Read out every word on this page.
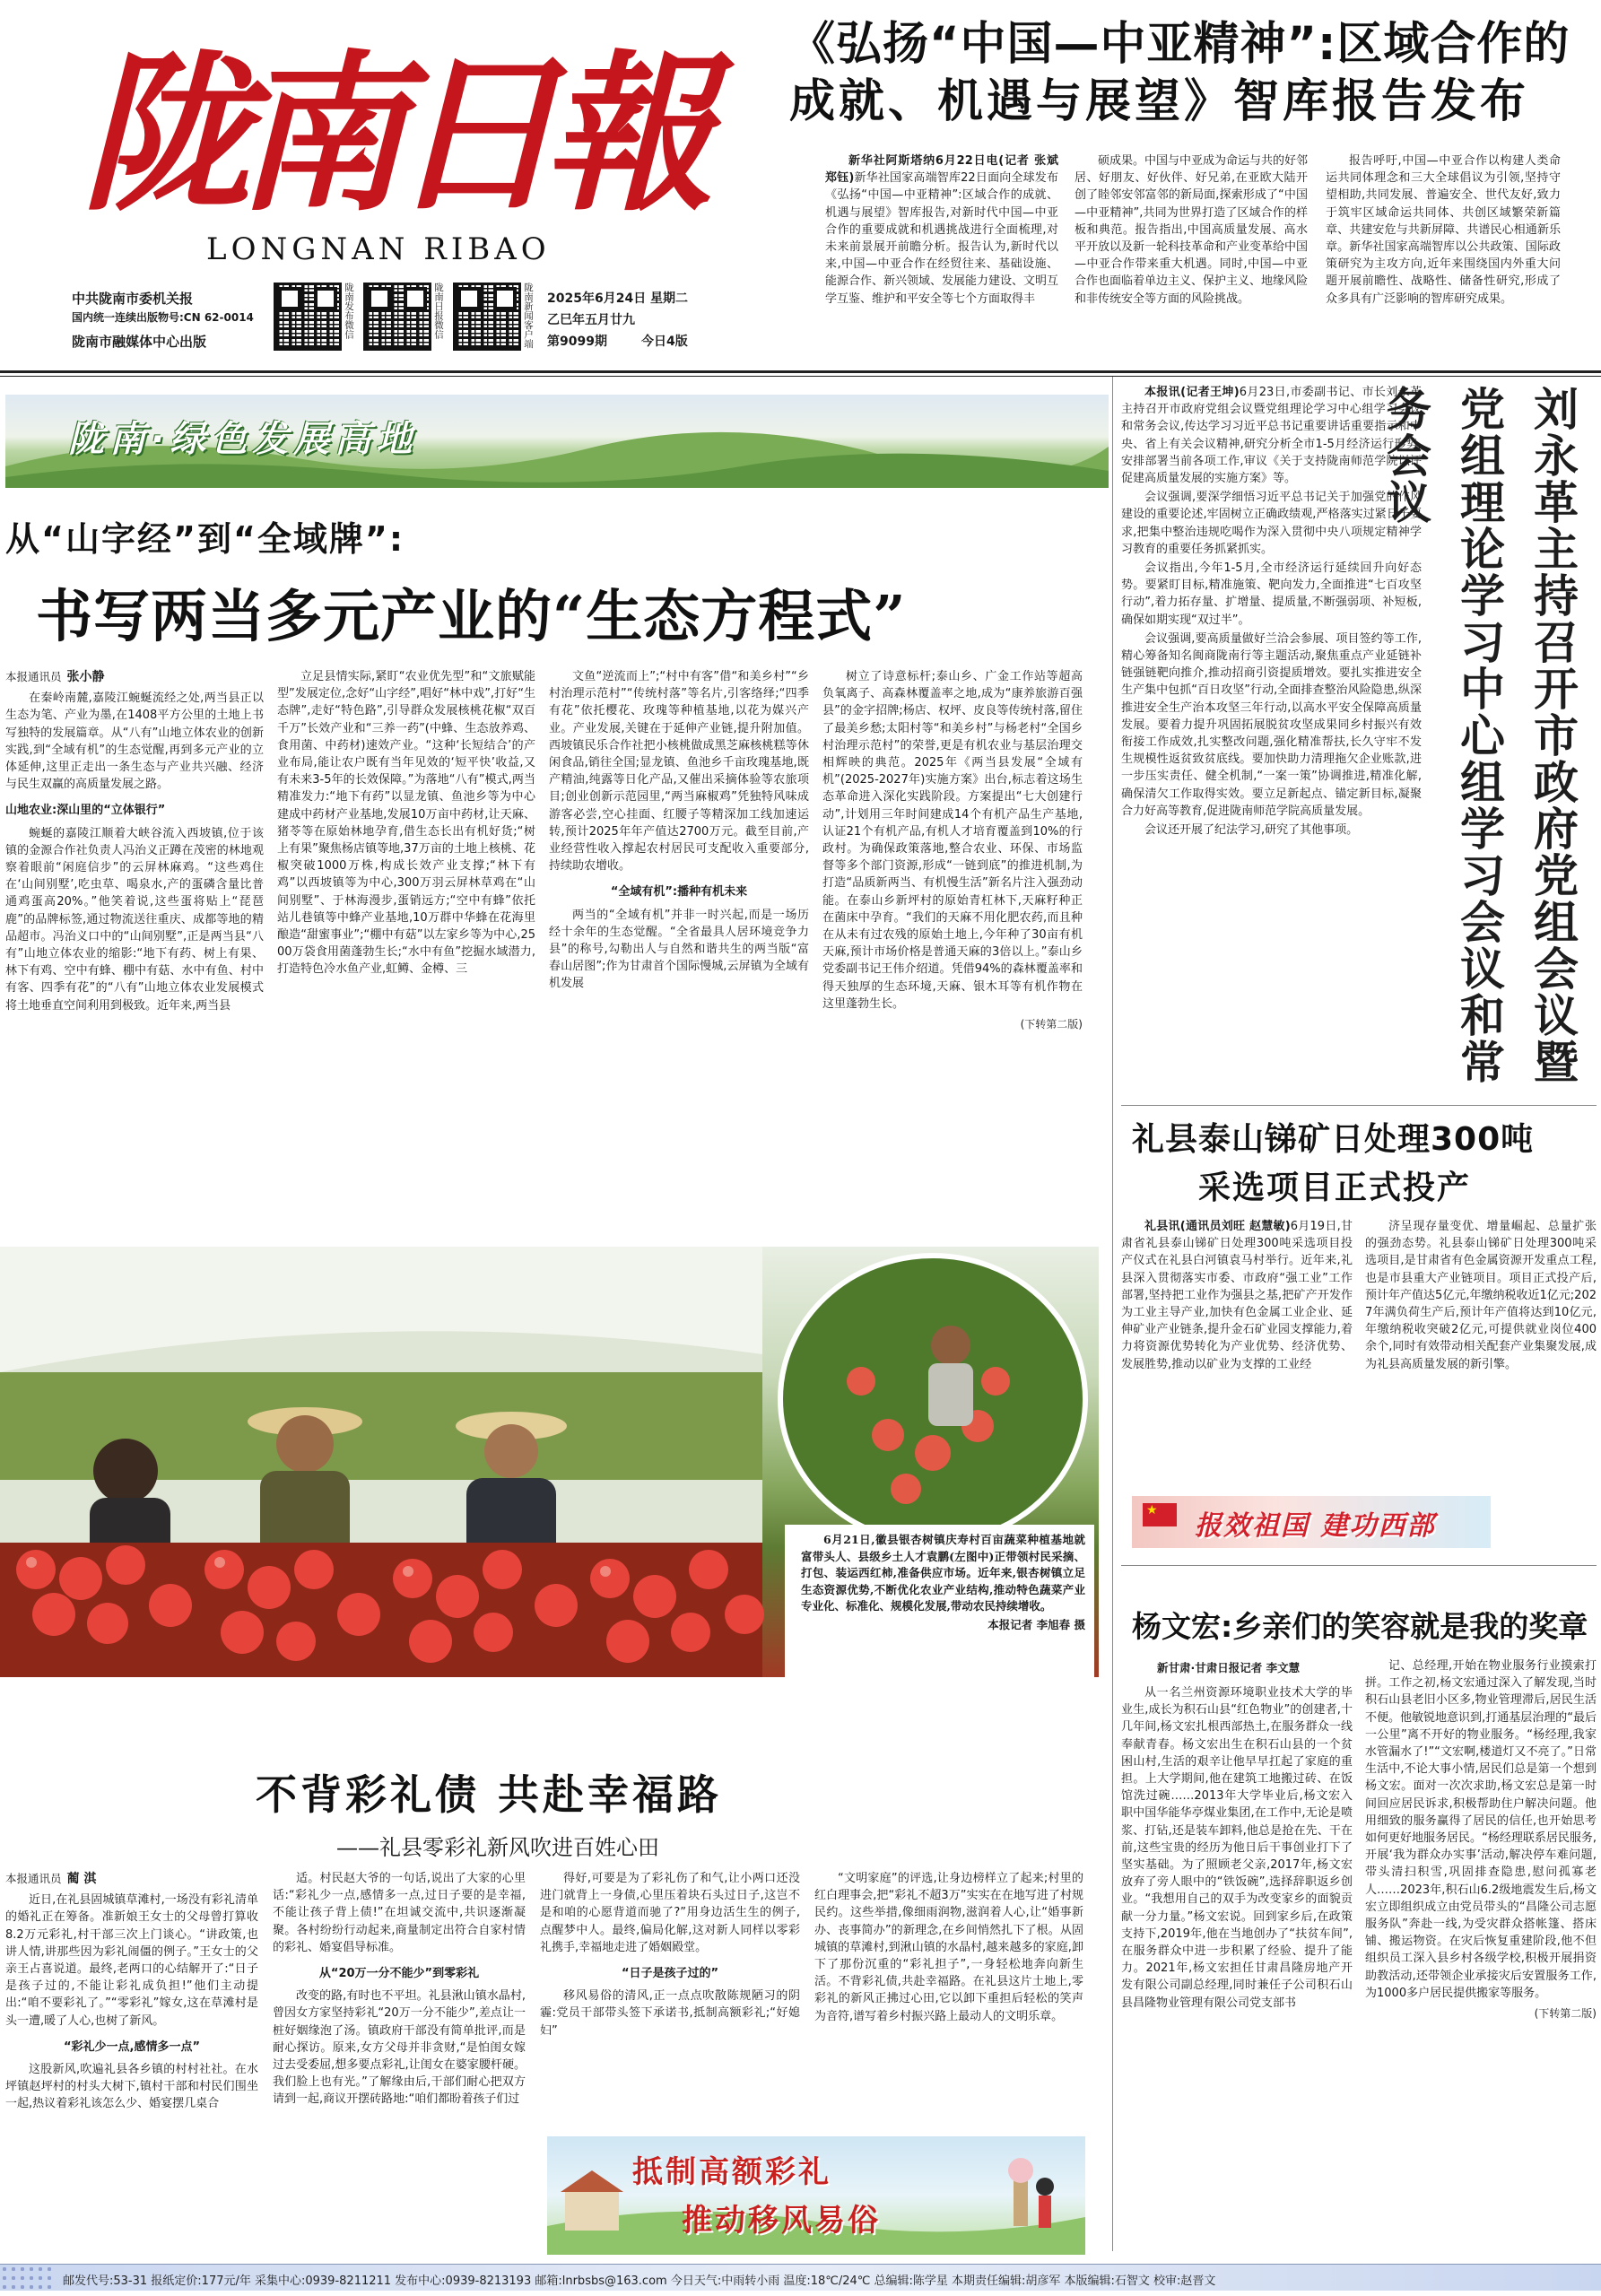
陇南日報
LONGNAN RIBAO
中共陇南市委机关报
国内统一连续出版物号:CN 62-0014
陇南市融媒体中心出版
陇南发布微信	陇南日报微信	陇南新闻客户端 2025年6月24日 星期二
乙巳年五月廿九
第9099期	今日4版
《弘扬“中国—中亚精神”:区域合作的
成就、机遇与展望》智库报告发布

新华社阿斯塔纳6月22日电(记者 张斌 郑钰)新华社国家高端智库22日面向全球发布《弘扬“中国—中亚精神”:区域合作的成就、机遇与展望》智库报告,对新时代中国—中亚合作的重要成就和机遇挑战进行全面梳理,对未来前景展开前瞻分析。报告认为,新时代以来,中国—中亚合作在经贸往来、基础设施、能源合作、新兴领域、发展能力建设、文明互学互鉴、维护和平安全等七个方面取得丰

硕成果。中国与中亚成为命运与共的好邻居、好朋友、好伙伴、好兄弟,在亚欧大陆开创了睦邻安邻富邻的新局面,探索形成了“中国—中亚精神”,共同为世界打造了区域合作的样板和典范。报告指出,中国高质量发展、高水平开放以及新一轮科技革命和产业变革给中国—中亚合作带来重大机遇。同时,中国—中亚合作也面临着单边主义、保护主义、地缘风险和非传统安全等方面的风险挑战。

报告呼吁,中国—中亚合作以构建人类命运共同体理念和三大全球倡议为引领,坚持守望相助,共同发展、普遍安全、世代友好,致力于筑牢区域命运共同体、共创区域繁荣新篇章、共建安危与共新屏障、共谱民心相通新乐章。新华社国家高端智库以公共政策、国际政策研究为主攻方向,近年来围绕国内外重大问题开展前瞻性、战略性、储备性研究,形成了众多具有广泛影响的智库研究成果。

陇南·绿色发展高地
从“山字经”到“全域牌”:
书写两当多元产业的“生态方程式”
本报通讯员 张小静

在秦岭南麓,嘉陵江蜿蜒流经之处,两当县正以生态为笔、产业为墨,在1408平方公里的土地上书写独特的发展篇章。从“八有”山地立体农业的创新实践,到“全域有机”的生态觉醒,再到多元产业的立体延伸,这里正走出一条生态与产业共兴融、经济与民生双赢的高质量发展之路。

山地农业:深山里的“立体银行”

蜿蜒的嘉陵江顺着大峡谷流入西坡镇,位于该镇的金源合作社负责人冯治义正蹲在茂密的林地观察着眼前“闲庭信步”的云屏林麻鸡。“这些鸡住在‘山间别墅’,吃虫草、喝泉水,产的蛋磷含量比普通鸡蛋高20%。”他笑着说,这些蛋将贴上“琵琶鹿”的品牌标签,通过物流送往重庆、成都等地的精品超市。冯治义口中的“山间别墅”,正是两当县“八有”山地立体农业的缩影:“地下有药、树上有果、林下有鸡、空中有蜂、棚中有菇、水中有鱼、村中有客、四季有花”的“八有”山地立体农业发展模式将土地垂直空间利用到极致。近年来,两当县

立足县情实际,紧盯“农业优先型”和“文旅赋能型”发展定位,念好“山字经”,唱好“林中戏”,打好“生态牌”,走好“特色路”,引导群众发展核桃花椒“双百千万”长效产业和“三养一药”(中蜂、生态放养鸡、食用菌、中药材)速效产业。“这种‘长短结合’的产业布局,能让农户既有当年见效的‘短平快’收益,又有未来3-5年的长效保障。”为落地“八有”模式,两当精准发力:“地下有药”以显龙镇、鱼池乡等为中心建成中药材产业基地,发展10万亩中药材,让天麻、猪苓等在原始林地孕育,借生态长出有机好货;“树上有果”聚焦杨店镇等地,37万亩的土地上核桃、花椒突破1000万株,构成长效产业支撑;“林下有鸡”以西坡镇等为中心,300万羽云屏林草鸡在“山间别墅”、于林海漫步,蛋销远方;“空中有蜂”依托站儿巷镇等中蜂产业基地,10万群中华蜂在花海里酿造“甜蜜事业”;“棚中有菇”以左家乡等为中心,2500万袋食用菌蓬勃生长;“水中有鱼”挖掘水域潜力,打造特色冷水鱼产业,虹鳟、金樽、三

文鱼“逆流而上”;“村中有客”借“和美乡村”“乡村治理示范村”“传统村落”等名片,引客络绎;“四季有花”依托樱花、玫瑰等种植基地,以花为媒兴产业。产业发展,关键在于延伸产业链,提升附加值。西坡镇民乐合作社把小核桃做成黑芝麻核桃糕等休闲食品,销往全国;显龙镇、鱼池乡千亩玫瑰基地,既产精油,纯露等日化产品,又催出采摘体验等农旅项目;创业创新示范园里,“两当麻椒鸡”凭独特风味成游客必尝,空心挂面、红腰子等精深加工线加速运转,预计2025年年产值达2700万元。截至目前,产业经营性收入撑起农村居民可支配收入重要部分,持续助农增收。

“全域有机”:播种有机未来

两当的“全域有机”并非一时兴起,而是一场历经十余年的生态觉醒。“全省最具人居环境竞争力县”的称号,勾勒出人与自然和谐共生的两当版“富春山居图”;作为甘肃首个国际慢城,云屏镇为全域有机发展

树立了诗意标杆;泰山乡、广金工作站等超高负氧离子、高森林覆盖率之地,成为“康养旅游百强县”的金字招牌;杨店、权坪、皮良等传统村落,留住了最美乡愁;太阳村等“和美乡村”与杨老村“全国乡村治理示范村”的荣誉,更是有机农业与基层治理交相辉映的典范。2025年《两当县发展“全域有机”(2025-2027年)实施方案》出台,标志着这场生态革命进入深化实践阶段。方案提出“七大创建行动”,计划用三年时间建成14个有机产品生产基地,认证21个有机产品,有机人才培育覆盖到10%的行政村。为确保政策落地,整合农业、环保、市场监督等多个部门资源,形成“一链到底”的推进机制,为打造“品质新两当、有机慢生活”新名片注入强劲动能。在泰山乡新坪村的原始青杠林下,天麻籽种正在菌床中孕育。“我们的天麻不用化肥农药,而且种在从未有过农残的原始土地上,今年种了30亩有机天麻,预计市场价格是普通天麻的3倍以上。”泰山乡党委副书记王伟介绍道。凭借94%的森林覆盖率和得天独厚的生态环境,天麻、银木耳等有机作物在这里蓬勃生长。

(下转第二版)

6月21日,徽县银杏树镇庆寿村百亩蔬菜种植基地就富带头人、县级乡土人才袁鹏(左图中)正带领村民采摘、打包、装运西红柿,准备供应市场。近年来,银杏树镇立足生态资源优势,不断优化农业产业结构,推动特色蔬菜产业专业化、标准化、规模化发展,带动农民持续增收。

本报记者 李旭春 摄

不背彩礼债 共赴幸福路
——礼县零彩礼新风吹进百姓心田
本报通讯员 蔺 淇

近日,在礼县固城镇草滩村,一场没有彩礼清单的婚礼正在筹备。准新娘王女士的父母曾打算收8.2万元彩礼,村干部三次上门谈心。“讲政策,也讲人情,讲那些因为彩礼闹僵的例子。”王女士的父亲王占喜说道。最终,老两口的心结解开了:“日子是孩子过的,不能让彩礼成负担!”他们主动提出:“咱不要彩礼了。”“零彩礼”嫁女,这在草滩村是头一遭,暖了人心,也树了新风。

“彩礼少一点,感情多一点”

这股新风,吹遍礼县各乡镇的村村社社。在水坪镇赵坪村的村头大树下,镇村干部和村民们围坐一起,热议着彩礼该怎么少、婚宴摆几桌合

适。村民赵大爷的一句话,说出了大家的心里话:“彩礼少一点,感情多一点,过日子要的是幸福,不能让孩子背上债!”在坦诚交流中,共识逐渐凝聚。各村纷纷行动起来,商量制定出符合自家村情的彩礼、婚宴倡导标准。

从“20万一分不能少”到零彩礼

改变的路,有时也不平坦。礼县湫山镇水晶村,曾因女方家坚持彩礼“20万一分不能少”,差点让一桩好姻缘泡了汤。镇政府干部没有简单批评,而是耐心探访。原来,女方父母并非贪财,“是怕闺女嫁过去受委屈,想多要点彩礼,让闺女在婆家腰杆硬。我们脸上也有光。”了解缘由后,干部们耐心把双方请到一起,商议开摆砖路地:“咱们都盼着孩子们过

得好,可要是为了彩礼伤了和气,让小两口还没进门就背上一身债,心里压着块石头过日子,这岂不是和咱的心愿背道而驰了?”用身边活生生的例子,点醒梦中人。最终,偏局化解,这对新人同样以零彩礼携手,幸福地走进了婚姻殿堂。

“日子是孩子过的”

移风易俗的清风,正一点点吹散陈规陋习的阴霾:党员干部带头签下承诺书,抵制高额彩礼;“好媳妇”

“文明家庭”的评选,让身边榜样立了起来;村里的红白理事会,把“彩礼不超3万”实实在在地写进了村规民约。这些举措,像细雨润物,滋润着人心,让“婚事新办、丧事简办”的新理念,在乡间悄然扎下了根。从固城镇的草滩村,到湫山镇的水晶村,越来越多的家庭,卸下了那份沉重的“彩礼担子”,一身轻松地奔向新生活。不背彩礼债,共赴幸福路。在礼县这片土地上,零彩礼的新风正拂过心田,它以卸下重担后轻松的笑声为音符,谱写着乡村振兴路上最动人的文明乐章。

抵制高额彩礼
推动移风易俗

本报讯(记者王坤)6月23日,市委副书记、市长刘永革主持召开市政府党组会议暨党组理论学习中心组学习会议和常务会议,传达学习习近平总书记重要讲话重要指示和中央、省上有关会议精神,研究分析全市1-5月经济运行形势,安排部署当前各项工作,审议《关于支持陇南师范学院以评促建高质量发展的实施方案》等。

会议强调,要深学细悟习近平总书记关于加强党的作风建设的重要论述,牢固树立正确政绩观,严格落实过紧日子要求,把集中整治违规吃喝作为深入贯彻中央八项规定精神学习教育的重要任务抓紧抓实。

会议指出,今年1-5月,全市经济运行延续回升向好态势。要紧盯目标,精准施策、靶向发力,全面推进“七百攻坚行动”,着力拓存量、扩增量、提质量,不断强弱项、补短板,确保如期实现“双过半”。

会议强调,要高质量做好兰洽会参展、项目签约等工作,精心筹备知名闽商陇南行等主题活动,聚焦重点产业延链补链强链靶向推介,推动招商引资提质增效。要扎实推进安全生产集中包抓“百日攻坚”行动,全面排查整治风险隐患,纵深推进安全生产治本攻坚三年行动,以高水平安全保障高质量发展。要着力提升巩固拓展脱贫攻坚成果同乡村振兴有效衔接工作成效,扎实整改问题,强化精准帮扶,长久守牢不发生规模性返贫致贫底线。要加快助力清理拖欠企业账款,进一步压实责任、健全机制,“一案一策”协调推进,精准化解,确保清欠工作取得实效。要立足新起点、锚定新目标,凝聚合力好高等教育,促进陇南师范学院高质量发展。

会议还开展了纪法学习,研究了其他事项。	刘永革主持召开市政府党组会议暨党组理论学习中心组学习会议和常务会议
礼县泰山锑矿日处理300吨
采选项目正式投产

礼县讯(通讯员刘旺 赵慧敏)6月19日,甘肃省礼县泰山锑矿日处理300吨采选项目投产仪式在礼县白河镇袁马村举行。近年来,礼县深入贯彻落实市委、市政府“强工业”工作部署,坚持把工业作为强县之基,把矿产开发作为工业主导产业,加快有色金属工业企业、延伸矿业产业链条,提升金石矿业园支撑能力,着力将资源优势转化为产业优势、经济优势、发展胜势,推动以矿业为支撑的工业经

济呈现存量变优、增量崛起、总量扩张的强劲态势。礼县泰山锑矿日处理300吨采选项目,是甘肃省有色金属资源开发重点工程,也是市县重大产业链项目。项目正式投产后,预计年产值达5亿元,年缴纳税收近1亿元;2027年满负荷生产后,预计年产值将达到10亿元,年缴纳税收突破2亿元,可提供就业岗位400余个,同时有效带动相关配套产业集聚发展,成为礼县高质量发展的新引擎。

★ 报效祖国 建功西部
杨文宏:乡亲们的笑容就是我的奖章
新甘肃·甘肃日报记者 李文慧

从一名兰州资源环境职业技术大学的毕业生,成长为积石山县“红色物业”的创建者,十几年间,杨文宏扎根西部热土,在服务群众一线奉献青春。杨文宏出生在积石山县的一个贫困山村,生活的艰辛让他早早扛起了家庭的重担。上大学期间,他在建筑工地搬过砖、在饭馆洗过碗……2013年大学毕业后,杨文宏入职中国华能华亭煤业集团,在工作中,无论是喷浆、打钻,还是装车卸料,他总是抢在先、干在前,这些宝贵的经历为他日后干事创业打下了坚实基础。为了照顾老父亲,2017年,杨文宏放弃了旁人眼中的“铁饭碗”,选择辞职返乡创业。“我想用自己的双手为改变家乡的面貌贡献一分力量。”杨文宏说。回到家乡后,在政策支持下,2019年,他在当地创办了“扶贫车间”,在服务群众中进一步积累了经验、提升了能力。2021年,杨文宏担任甘肃昌隆房地产开发有限公司副总经理,同时兼任子公司积石山县昌隆物业管理有限公司党支部书

记、总经理,开始在物业服务行业摸索打拼。工作之初,杨文宏通过深入了解发现,当时积石山县老旧小区多,物业管理滞后,居民生活不便。他敏锐地意识到,打通基层治理的“最后一公里”离不开好的物业服务。“杨经理,我家水管漏水了!”“文宏啊,楼道灯又不亮了。”日常生活中,不论大事小情,居民们总是第一个想到杨文宏。面对一次次求助,杨文宏总是第一时间回应居民诉求,积极帮助住户解决问题。他用细致的服务赢得了居民的信任,也开始思考如何更好地服务居民。“杨经理联系居民服务,开展‘我为群众办实事’活动,解决停车难问题,带头清扫积雪,巩固排查隐患,慰问孤寡老人……2023年,积石山6.2级地震发生后,杨文宏立即组织成立由党员带头的“昌隆公司志愿服务队”奔赴一线,为受灾群众搭帐篷、搭床铺、搬运物资。在灾后恢复重建阶段,他不但组织员工深入县乡村各级学校,积极开展捐资助教活动,还带领企业承接灾后安置服务工作,为1000多户居民提供搬家等服务。

(下转第二版)

邮发代号:53-31 报纸定价:177元/年 采集中心:0939-8211211 发布中心:0939-8213193 邮箱:lnrbsbs@163.com 今日天气:中雨转小雨 温度:18℃/24℃ 总编辑:陈学星 本期责任编辑:胡彦军 本版编辑:石智文 校审:赵晋文
